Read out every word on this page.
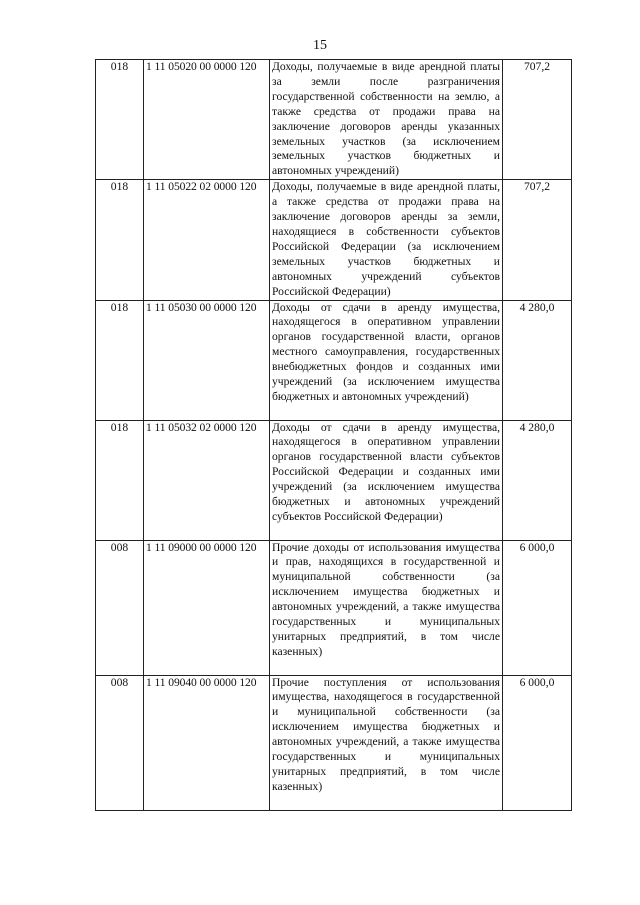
15
018	1 11 05020 00 0000 120	Доходы, получаемые в виде арендной платы за земли после разграничения государственной собственности на землю, а также средства от продажи права на заключение договоров аренды указанных земельных участков (за исключением земельных участков бюджетных и автономных учреждений)	707,2
018	1 11 05022 02 0000 120	Доходы, получаемые в виде арендной платы, а также средства от продажи права на заключение договоров аренды за земли, находящиеся в собственности субъектов Российской Федерации (за исключением земельных участков бюджетных и автономных учреждений субъектов Российской Федерации)	707,2
018	1 11 05030 00 0000 120	Доходы от сдачи в аренду имущества, находящегося в оперативном управлении органов государственной власти, органов местного самоуправления, государственных внебюджетных фондов и созданных ими учреждений (за исключением имущества бюджетных и автономных учреждений)	4 280,0
018	1 11 05032 02 0000 120	Доходы от сдачи в аренду имущества, находящегося в оперативном управлении органов государственной власти субъектов Российской Федерации и созданных ими учреждений (за исключением имущества бюджетных и автономных учреждений субъектов Российской Федерации)	4 280,0
008	1 11 09000 00 0000 120	Прочие доходы от использования имущества и прав, находящихся в государственной и муниципальной собственности (за исключением имущества бюджетных и автономных учреждений, а также имущества государственных и муниципальных унитарных предприятий, в том числе казенных)	6 000,0
008	1 11 09040 00 0000 120	Прочие поступления от использования имущества, находящегося в государственной и муниципальной собственности (за исключением имущества бюджетных и автономных учреждений, а также имущества государственных и муниципальных унитарных предприятий, в том числе казенных)	6 000,0
